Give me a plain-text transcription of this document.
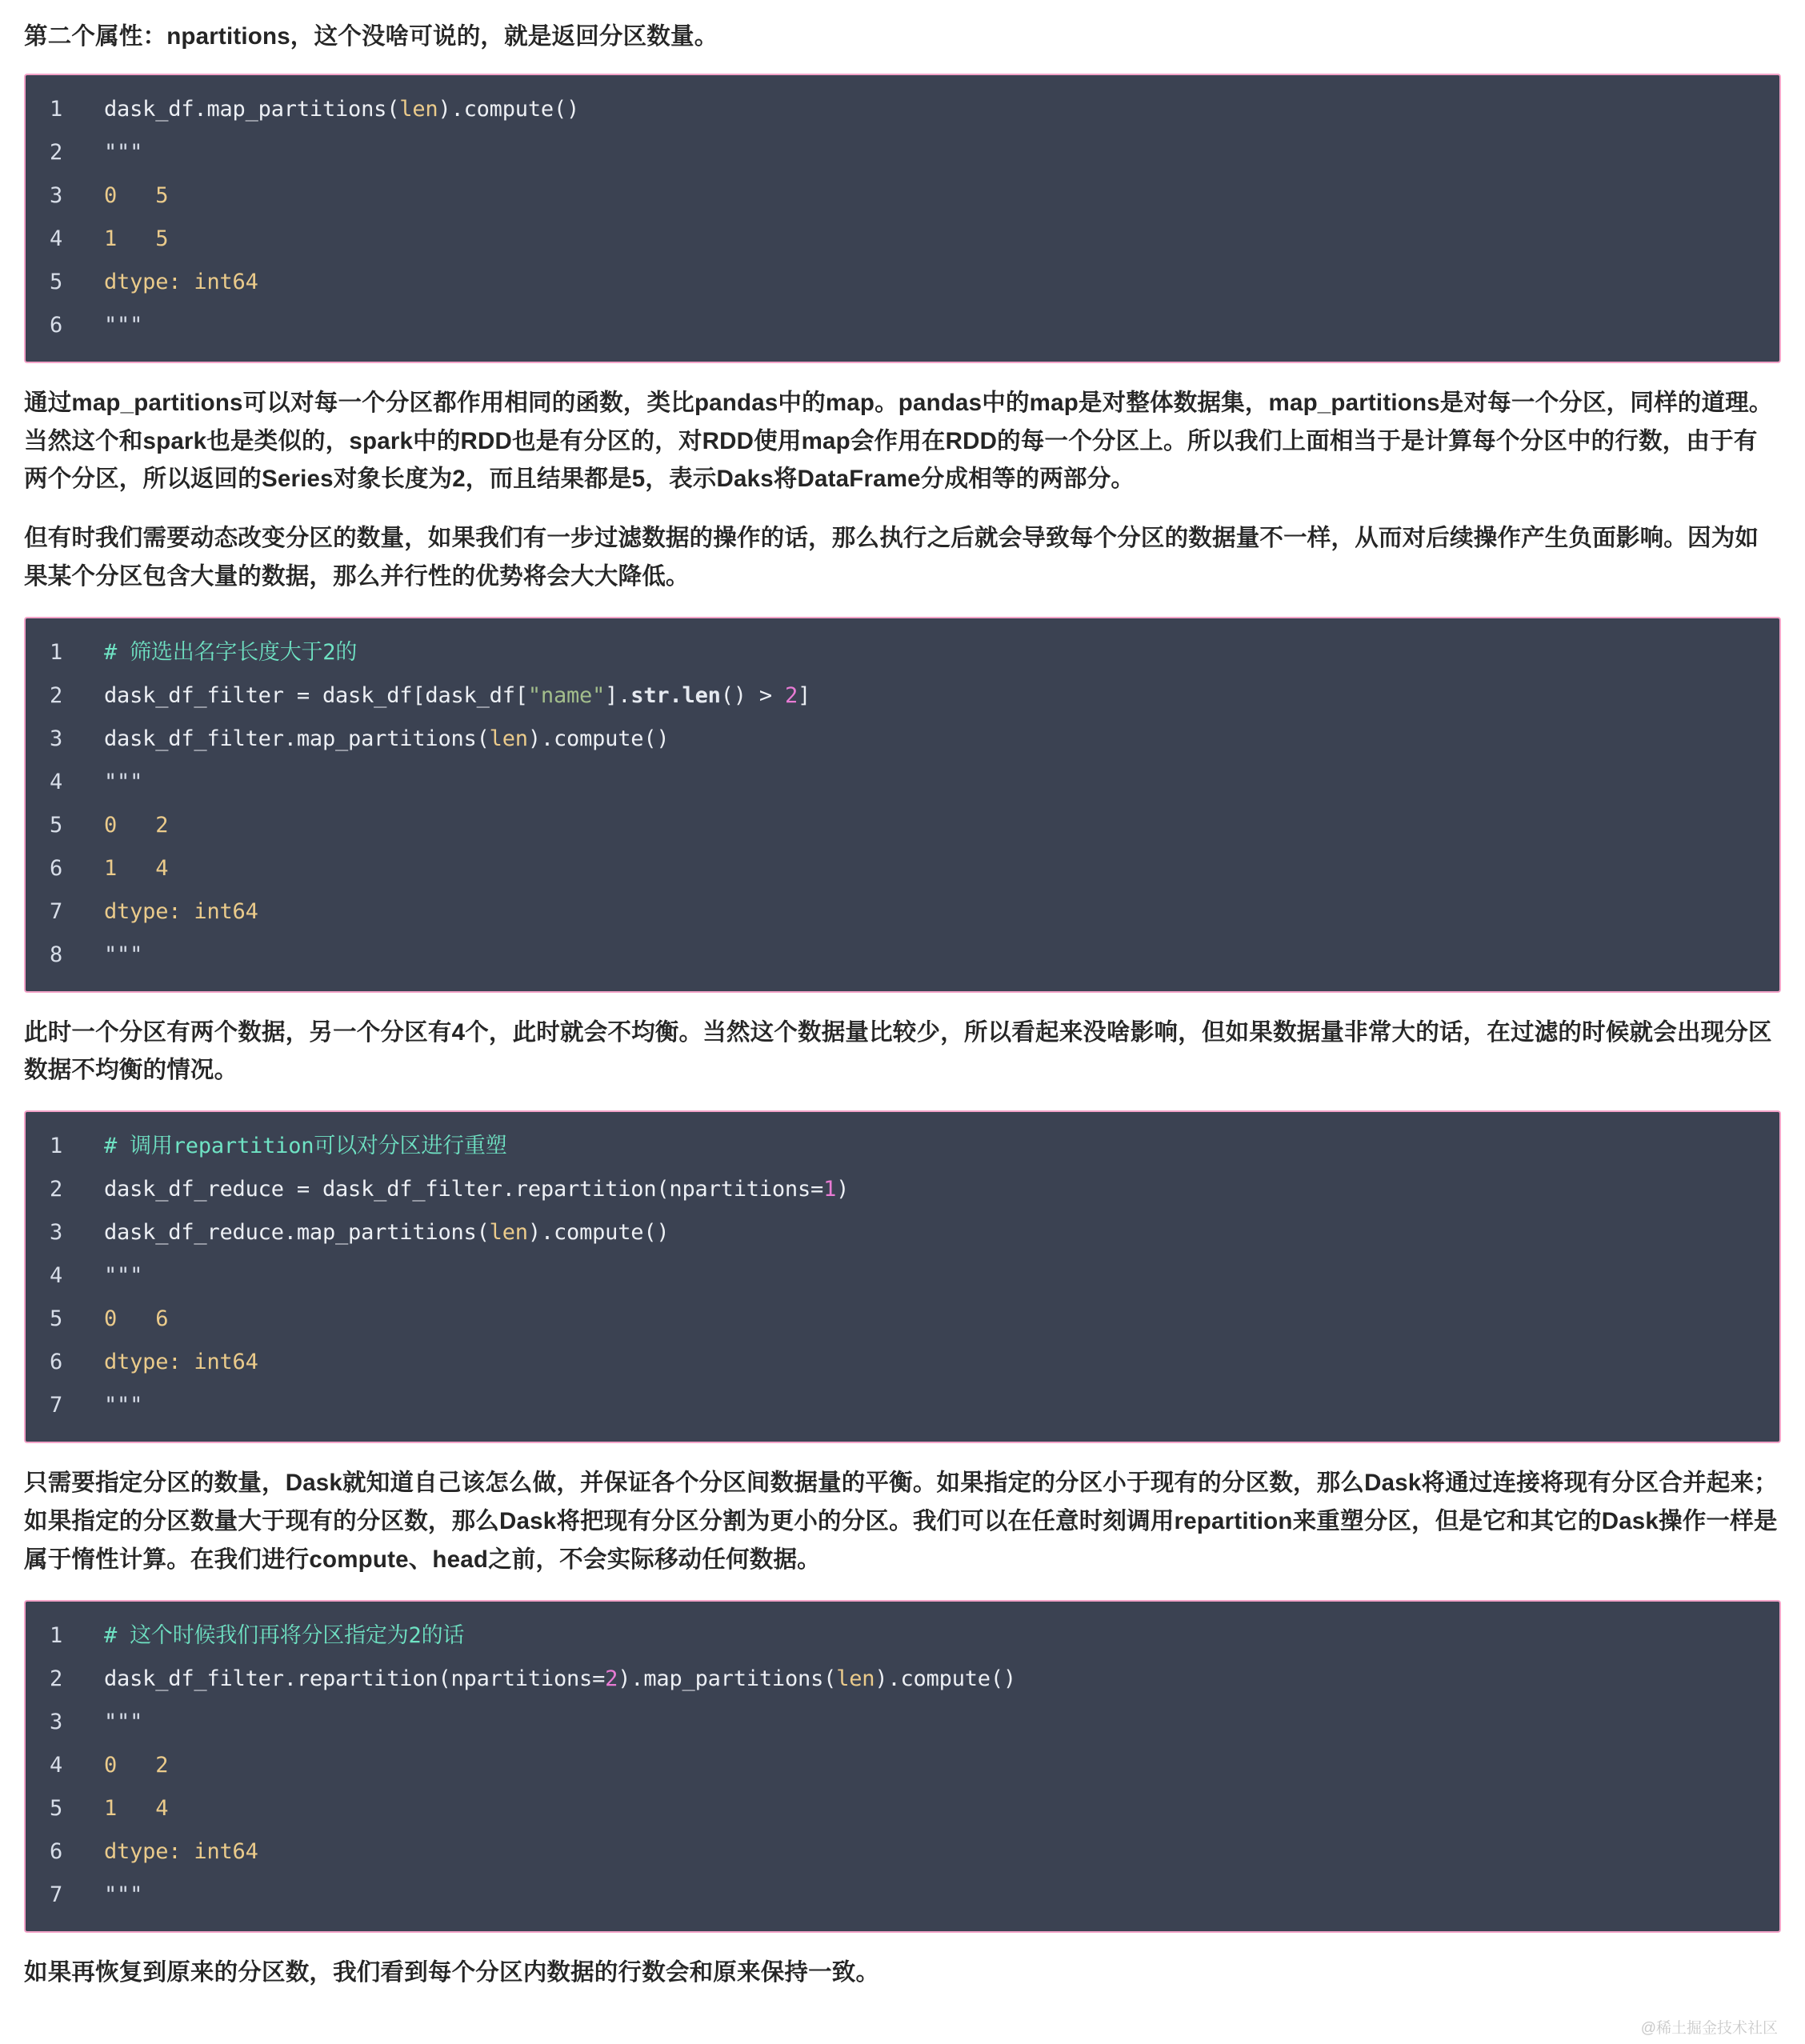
第二个属性：npartitions，这个没啥可说的，就是返回分区数量。

1	dask_df.map_partitions(len).compute()
2	"""
3	0   5
4	1   5
5	dtype: int64
6	"""

通过map_partitions可以对每一个分区都作用相同的函数，类比pandas中的map。pandas中的map是对整体数据集，map_partitions是对每一个分区，同样的道理。当然这个和spark也是类似的，spark中的RDD也是有分区的，对RDD使用map会作用在RDD的每一个分区上。所以我们上面相当于是计算每个分区中的行数，由于有两个分区，所以返回的Series对象长度为2，而且结果都是5，表示Daks将DataFrame分成相等的两部分。

但有时我们需要动态改变分区的数量，如果我们有一步过滤数据的操作的话，那么执行之后就会导致每个分区的数据量不一样，从而对后续操作产生负面影响。因为如果某个分区包含大量的数据，那么并行性的优势将会大大降低。

1	# 筛选出名字长度大于2的
2	dask_df_filter = dask_df[dask_df["name"].str.len() > 2]
3	dask_df_filter.map_partitions(len).compute()
4	"""
5	0   2
6	1   4
7	dtype: int64
8	"""

此时一个分区有两个数据，另一个分区有4个，此时就会不均衡。当然这个数据量比较少，所以看起来没啥影响，但如果数据量非常大的话，在过滤的时候就会出现分区数据不均衡的情况。

1	# 调用repartition可以对分区进行重塑
2	dask_df_reduce = dask_df_filter.repartition(npartitions=1)
3	dask_df_reduce.map_partitions(len).compute()
4	"""
5	0   6
6	dtype: int64
7	"""

只需要指定分区的数量，Dask就知道自己该怎么做，并保证各个分区间数据量的平衡。如果指定的分区小于现有的分区数，那么Dask将通过连接将现有分区合并起来；如果指定的分区数量大于现有的分区数，那么Dask将把现有分区分割为更小的分区。我们可以在任意时刻调用repartition来重塑分区，但是它和其它的Dask操作一样是属于惰性计算。在我们进行compute、head之前，不会实际移动任何数据。

1	# 这个时候我们再将分区指定为2的话
2	dask_df_filter.repartition(npartitions=2).map_partitions(len).compute()
3	"""
4	0   2
5	1   4
6	dtype: int64
7	"""

如果再恢复到原来的分区数，我们看到每个分区内数据的行数会和原来保持一致。

@稀土掘金技术社区
